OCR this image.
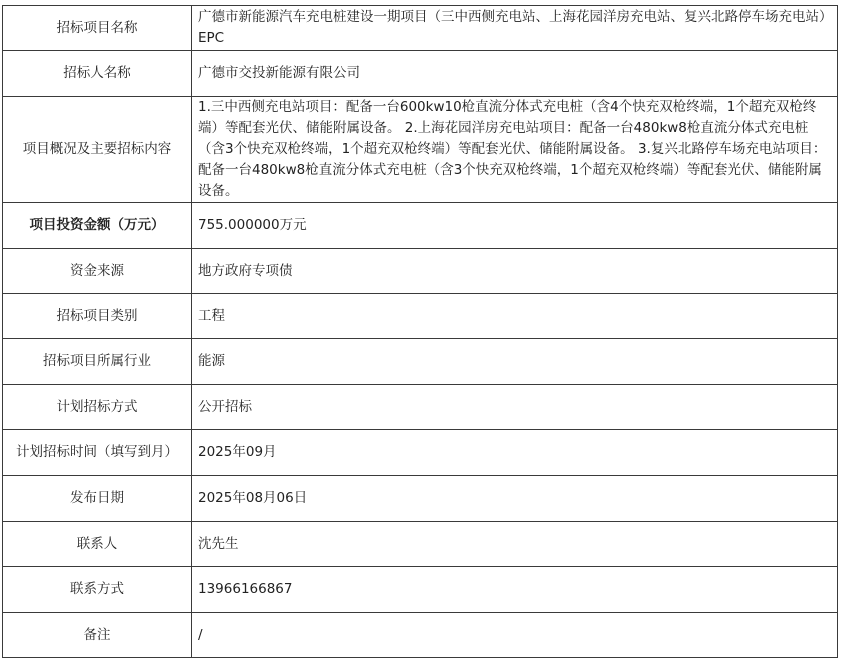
招标项目名称	广德市新能源汽车充电桩建设一期项目（三中西侧充电站、上海花园洋房充电站、复兴北路停车场充电站）EPC
招标人名称	广德市交投新能源有限公司
项目概况及主要招标内容	1.三中西侧充电站项目：配备一台600kw10枪直流分体式充电桩（含4个快充双枪终端，1个超充双枪终端）等配套光伏、储能附属设备。 2.上海花园洋房充电站项目：配备一台480kw8枪直流分体式充电桩（含3个快充双枪终端，1个超充双枪终端）等配套光伏、储能附属设备。 3.复兴北路停车场充电站项目：配备一台480kw8枪直流分体式充电桩（含3个快充双枪终端，1个超充双枪终端）等配套光伏、储能附属设备。
项目投资金额（万元）	755.000000万元
资金来源	地方政府专项债
招标项目类别	工程
招标项目所属行业	能源
计划招标方式	公开招标
计划招标时间（填写到月）	2025年09月
发布日期	2025年08月06日
联系人	沈先生
联系方式	13966166867
备注	/
